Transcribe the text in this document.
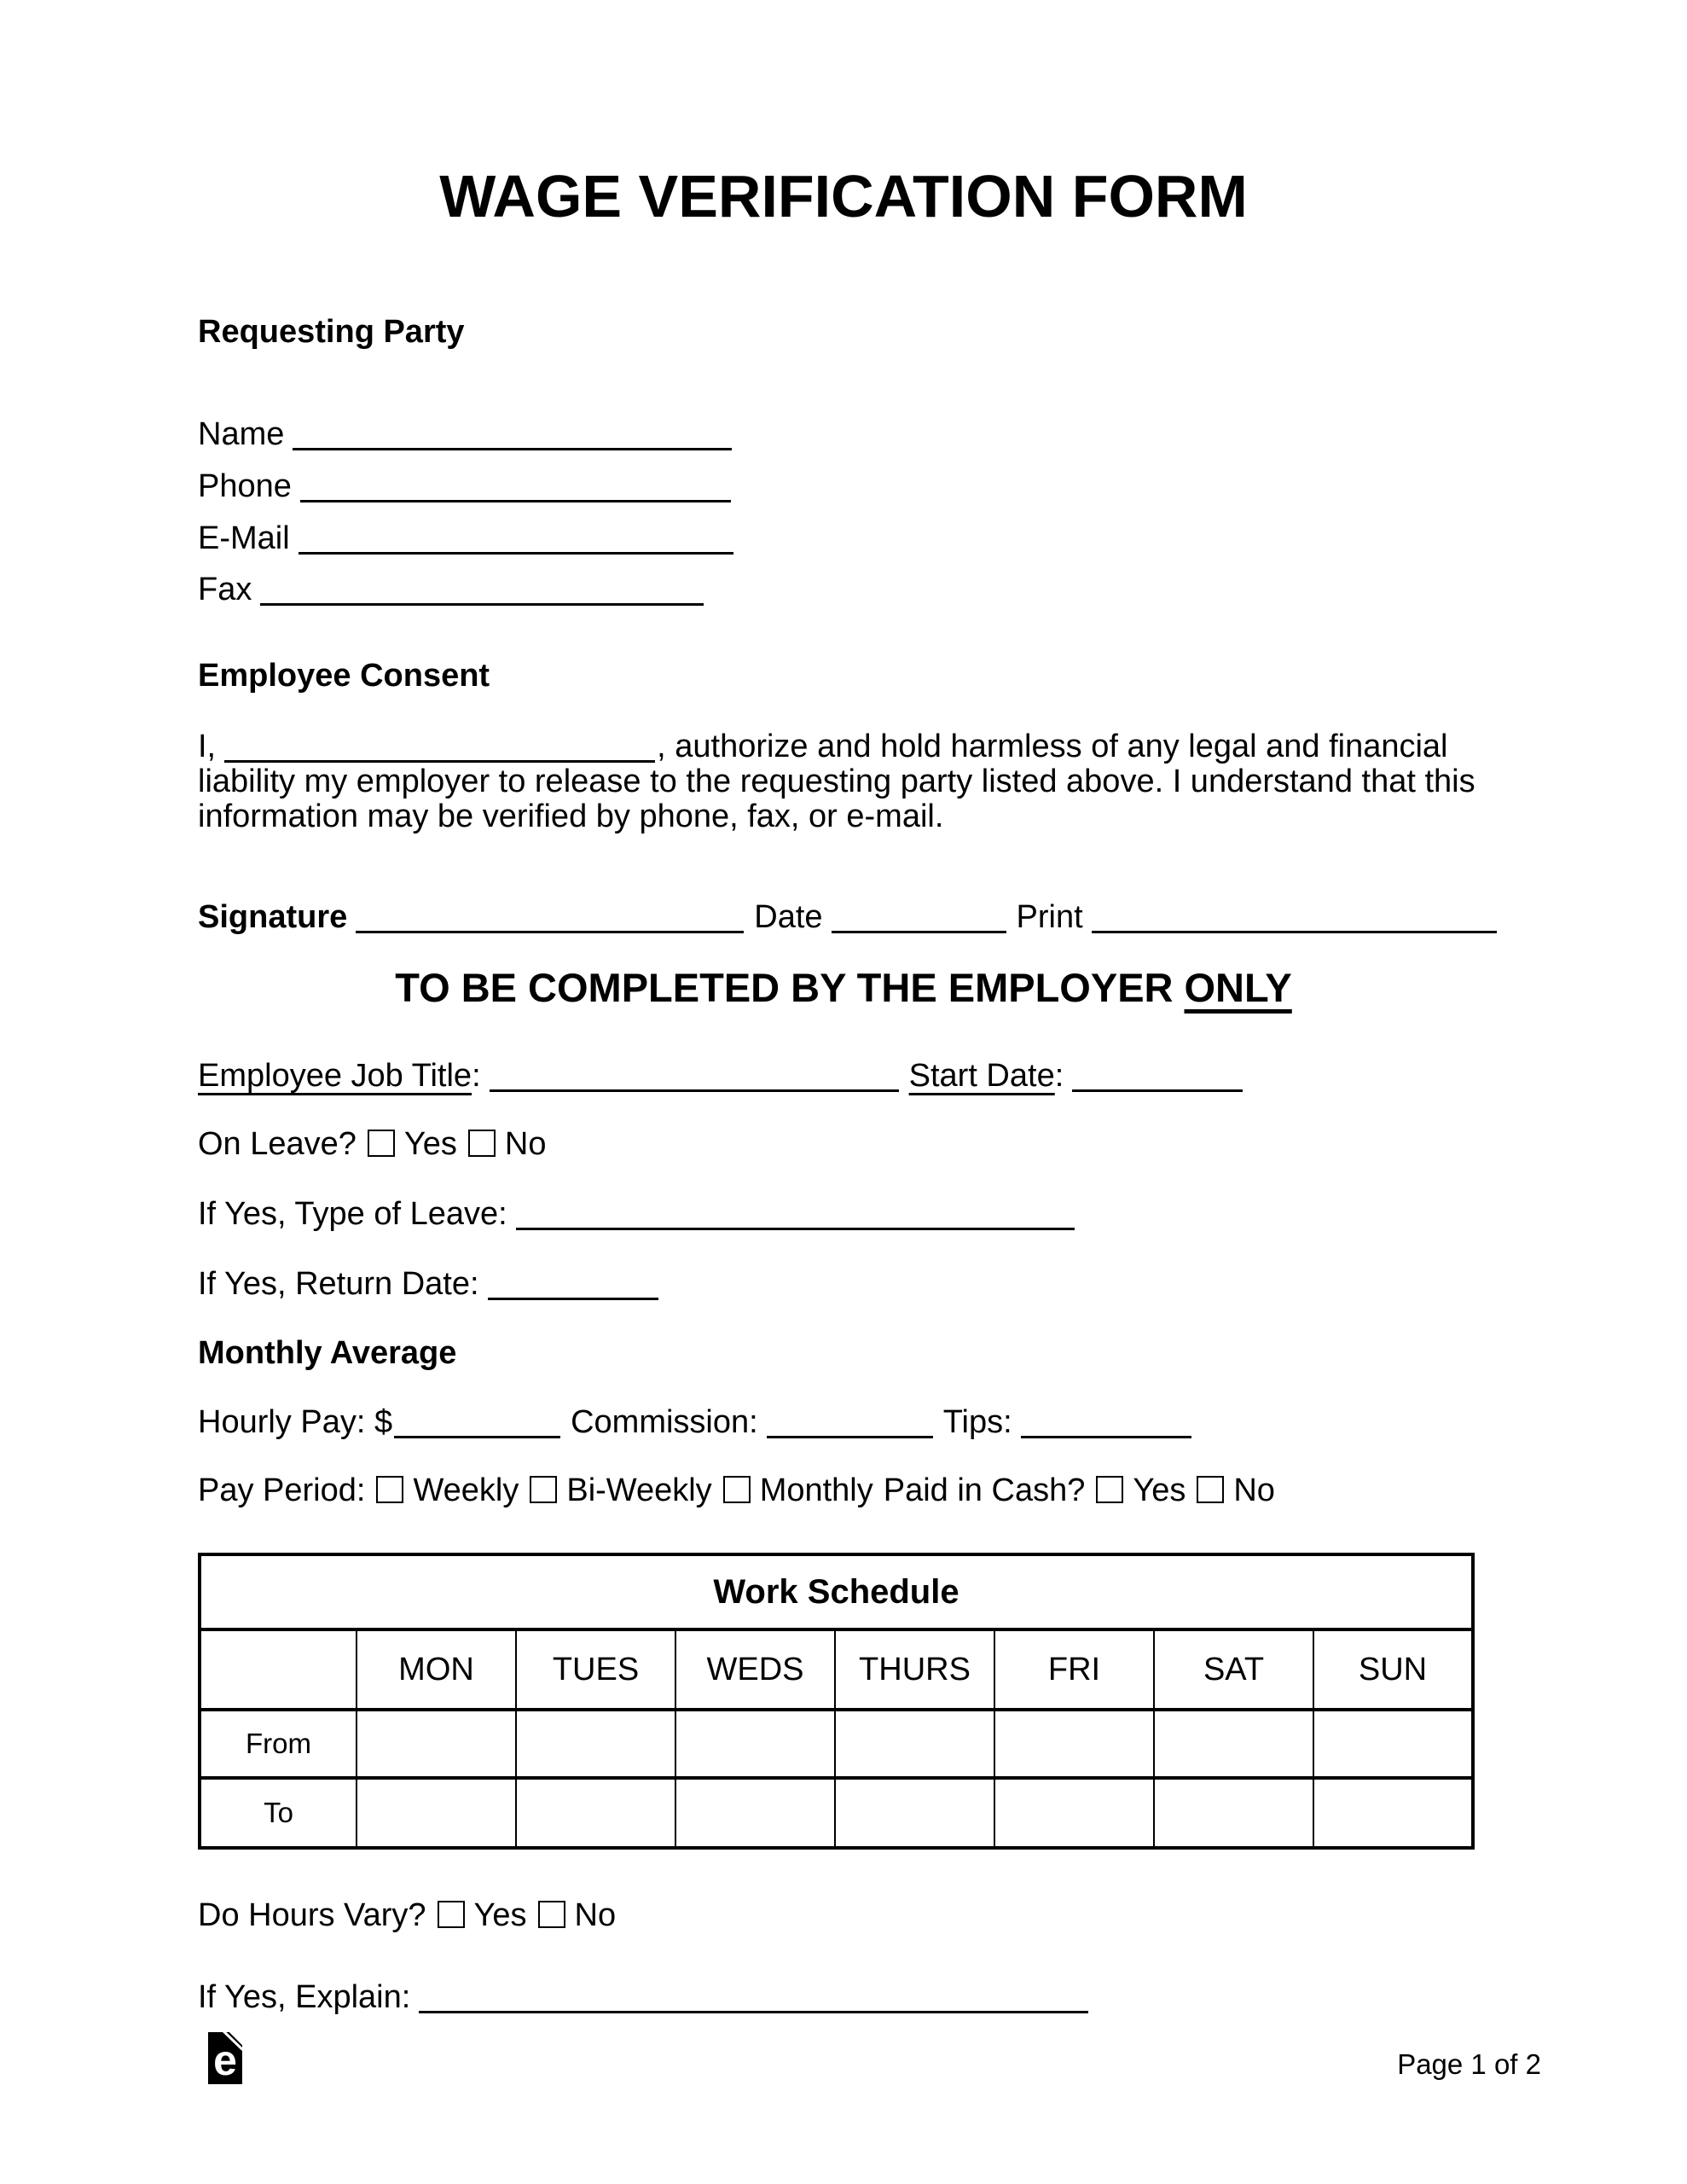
WAGE VERIFICATION FORM
Requesting Party
Name
Phone
E-Mail
Fax
Employee Consent
I,	, authorize and hold harmless of any legal and financial
liability my employer to release to the requesting party listed above. I understand that this
information may be verified by phone, fax, or e-mail.
Signature	Date	Print
TO BE COMPLETED BY THE EMPLOYER ONLY
Employee Job Title:	Start Date:
On Leave? Yes No
If Yes, Type of Leave:
If Yes, Return Date:
Monthly Average
Hourly Pay: $	Commission:	Tips:
Pay Period: Weekly Bi-Weekly Monthly Paid in Cash? Yes No
Work Schedule							
	MON	TUES	WEDS	THURS	FRI	SAT	SUN
From							
To							
Do Hours Vary? Yes No
If Yes, Explain:
e	Page 1 of 2
